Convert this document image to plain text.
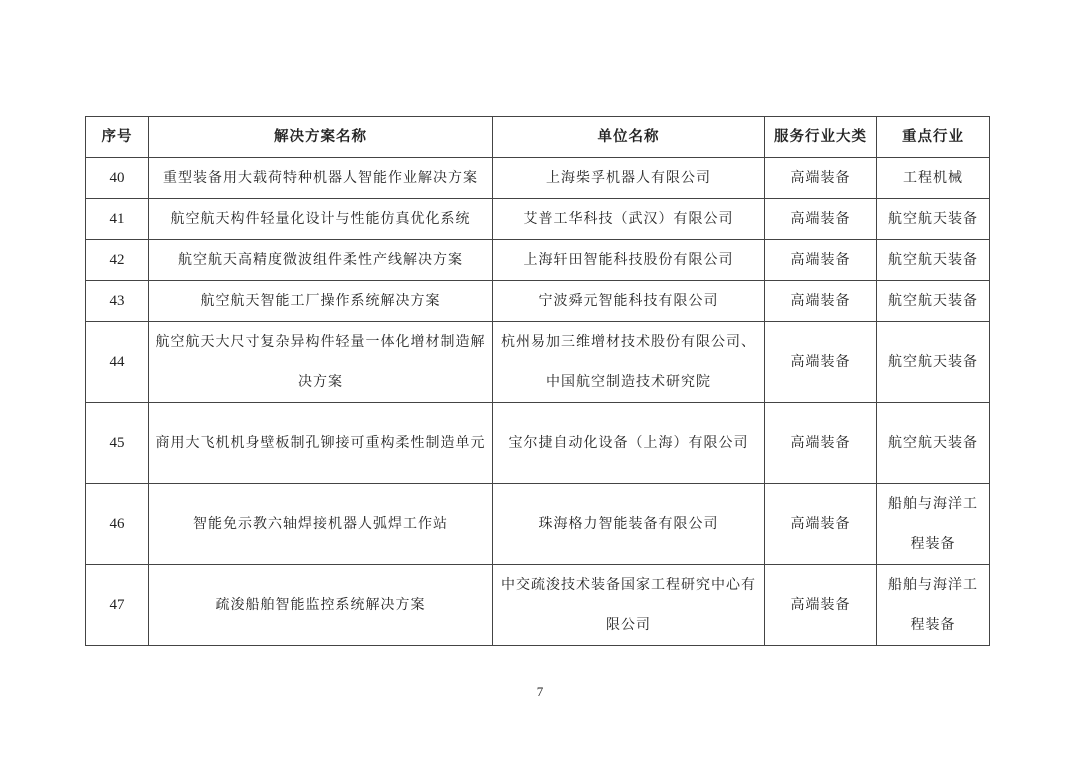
序号	解决方案名称	单位名称	服务行业大类	重点行业
40	重型装备用大载荷特种机器人智能作业解决方案	上海柴孚机器人有限公司	高端装备	工程机械
41	航空航天构件轻量化设计与性能仿真优化系统	艾普工华科技（武汉）有限公司	高端装备	航空航天装备
42	航空航天高精度微波组件柔性产线解决方案	上海轩田智能科技股份有限公司	高端装备	航空航天装备
43	航空航天智能工厂操作系统解决方案	宁波舜元智能科技有限公司	高端装备	航空航天装备
44	航空航天大尺寸复杂异构件轻量一体化增材制造解决方案	杭州易加三维增材技术股份有限公司、中国航空制造技术研究院	高端装备	航空航天装备
45	商用大飞机机身壁板制孔铆接可重构柔性制造单元	宝尔捷自动化设备（上海）有限公司	高端装备	航空航天装备
46	智能免示教六轴焊接机器人弧焊工作站	珠海格力智能装备有限公司	高端装备	船舶与海洋工程装备
47	疏浚船舶智能监控系统解决方案	中交疏浚技术装备国家工程研究中心有限公司	高端装备	船舶与海洋工程装备
7
